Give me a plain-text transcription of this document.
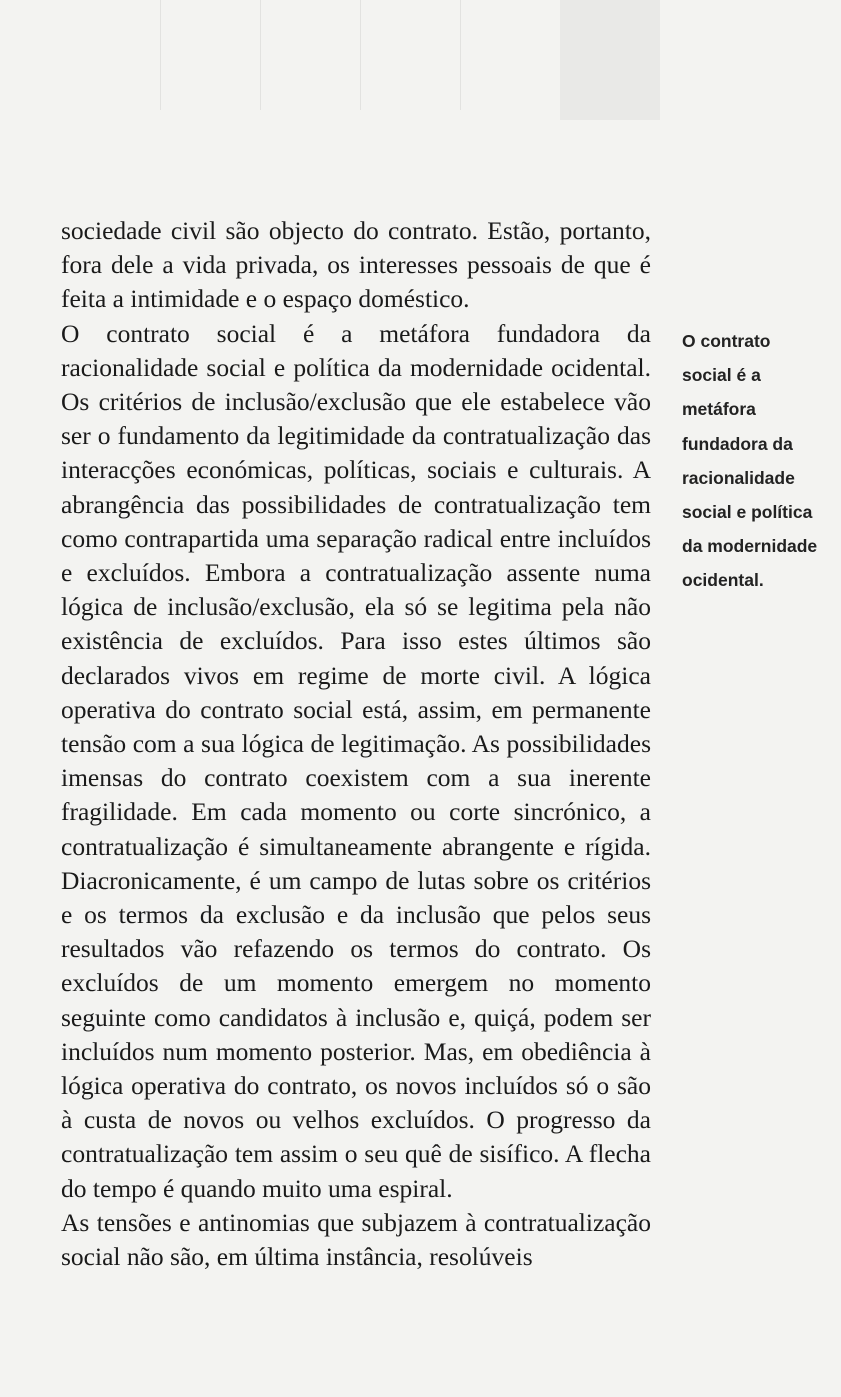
sociedade civil são objecto do contrato. Estão, portanto, fora dele a vida privada, os interesses pessoais de que é feita a intimidade e o espaço doméstico.

O contrato social é a metáfora fundadora da racionalidade social e política da modernidade ocidental. Os critérios de inclusão/exclusão que ele estabelece vão ser o fundamento da legitimidade da contratualização das interacções económicas, políticas, sociais e culturais. A abrangência das possibilidades de contratualização tem como contrapartida uma separação radical entre incluídos e excluídos. Embora a contratualização assente numa lógica de inclusão/exclusão, ela só se legitima pela não existência de excluídos. Para isso estes últimos são declarados vivos em regime de morte civil. A lógica operativa do contrato social está, assim, em permanente tensão com a sua lógica de legitimação. As possibilidades imensas do contrato coexistem com a sua inerente fragilidade. Em cada momento ou corte sincrónico, a contratualização é simultaneamente abrangente e rígida. Diacronicamente, é um campo de lutas sobre os critérios e os termos da exclusão e da inclusão que pelos seus resultados vão refazendo os termos do contrato. Os excluídos de um momento emergem no momento seguinte como candidatos à inclusão e, quiçá, podem ser incluídos num momento posterior. Mas, em obediência à lógica operativa do contrato, os novos incluídos só o são à custa de novos ou velhos excluídos. O progresso da contratualização tem assim o seu quê de sisífico. A flecha do tempo é quando muito uma espiral.

As tensões e antinomias que subjazem à contratualização social não são, em última instância, resolúveis

O contrato social é a metáfora fundadora da racionalidade social e política da modernidade ocidental.
